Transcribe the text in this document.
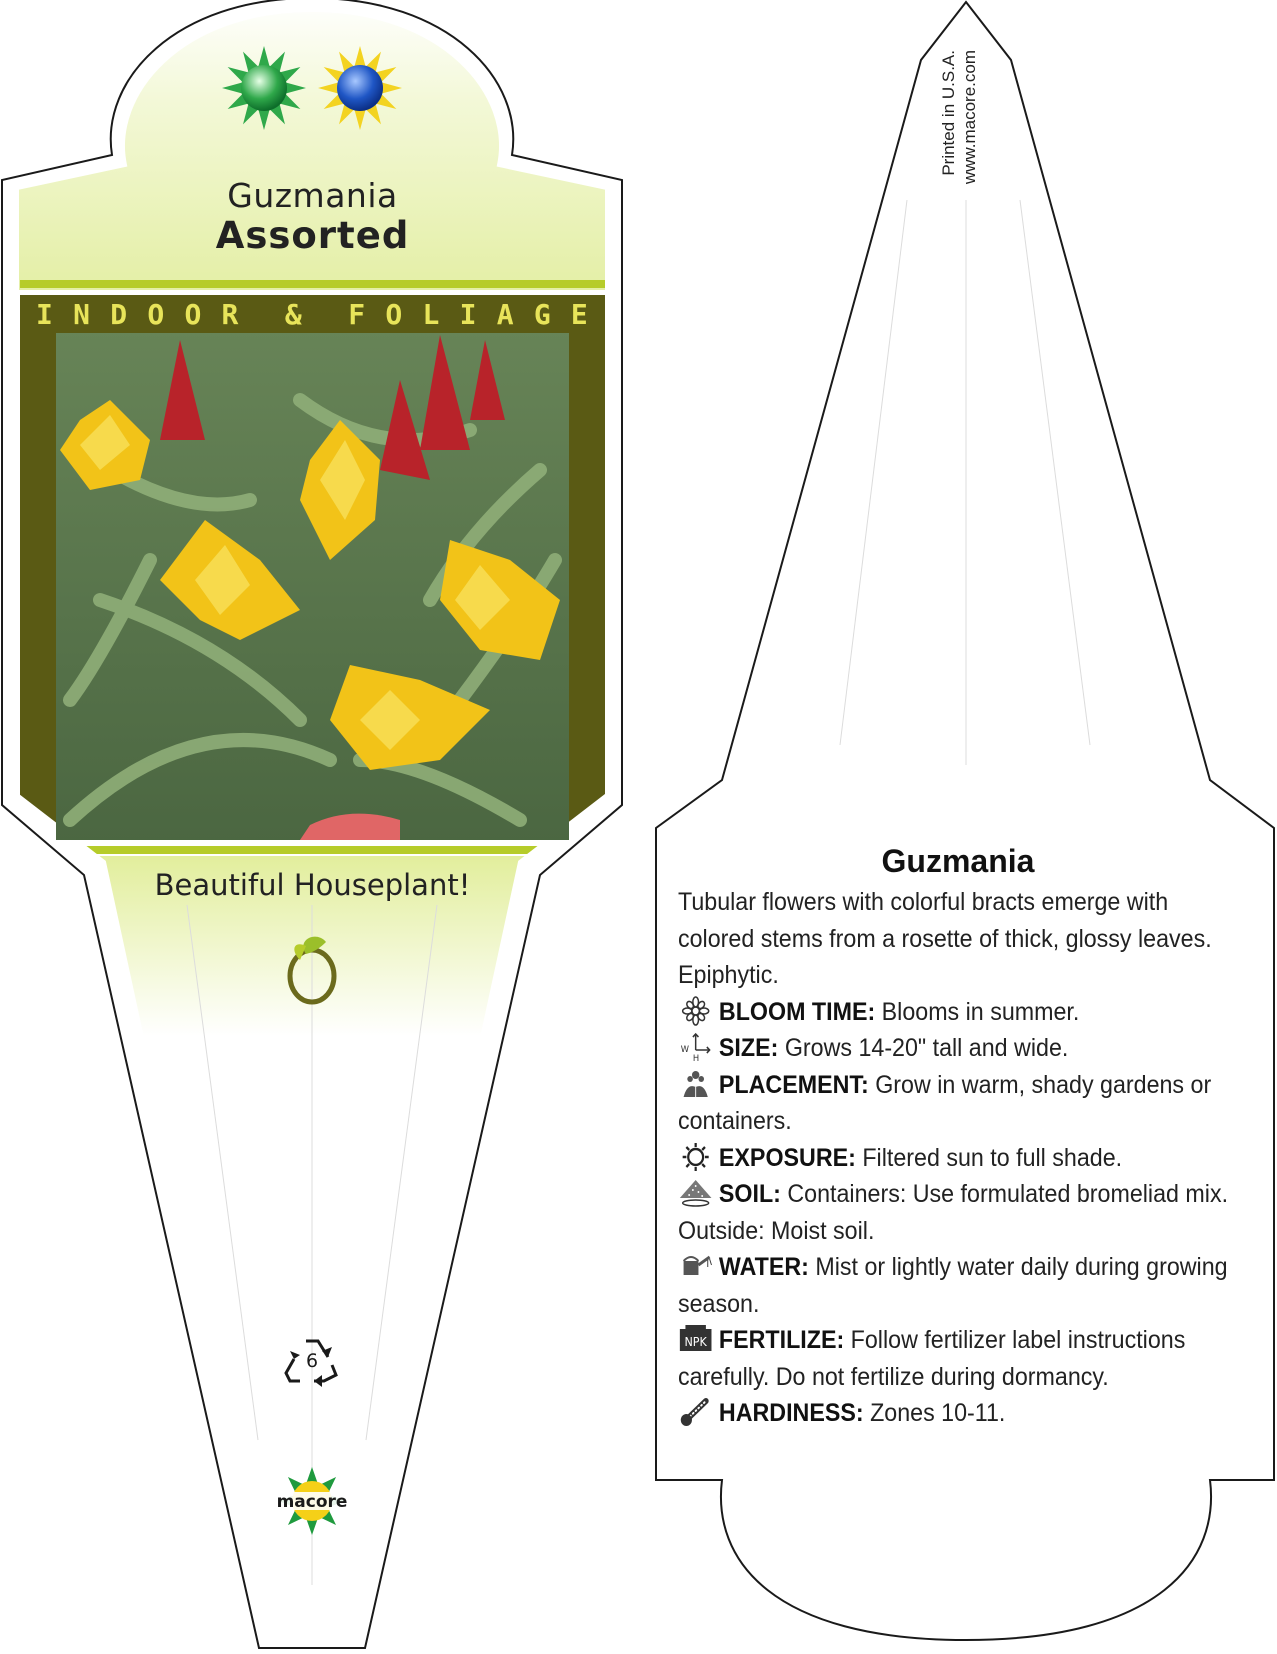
macore
Guzmania
Assorted
I N D O O R
&
F O L I A G E
Beautiful Houseplant!
6
Printed in U.S.A. www.macore.com
Guzmania

Tubular flowers with colorful bracts emerge with colored stems from a rosette of thick, glossy leaves. Epiphytic.
BLOOM TIME: Blooms in summer.
W
H SIZE: Grows 14-20" tall and wide.
PLACEMENT: Grow in warm, shady gardens or containers.
EXPOSURE: Filtered sun to full shade.
SOIL: Containers: Use formulated bromeliad mix. Outside: Moist soil.
WATER: Mist or lightly water daily during growing season.
NPK FERTILIZE: Follow fertilizer label instructions carefully. Do not fertilize during dormancy.
HARDINESS: Zones 10-11.
